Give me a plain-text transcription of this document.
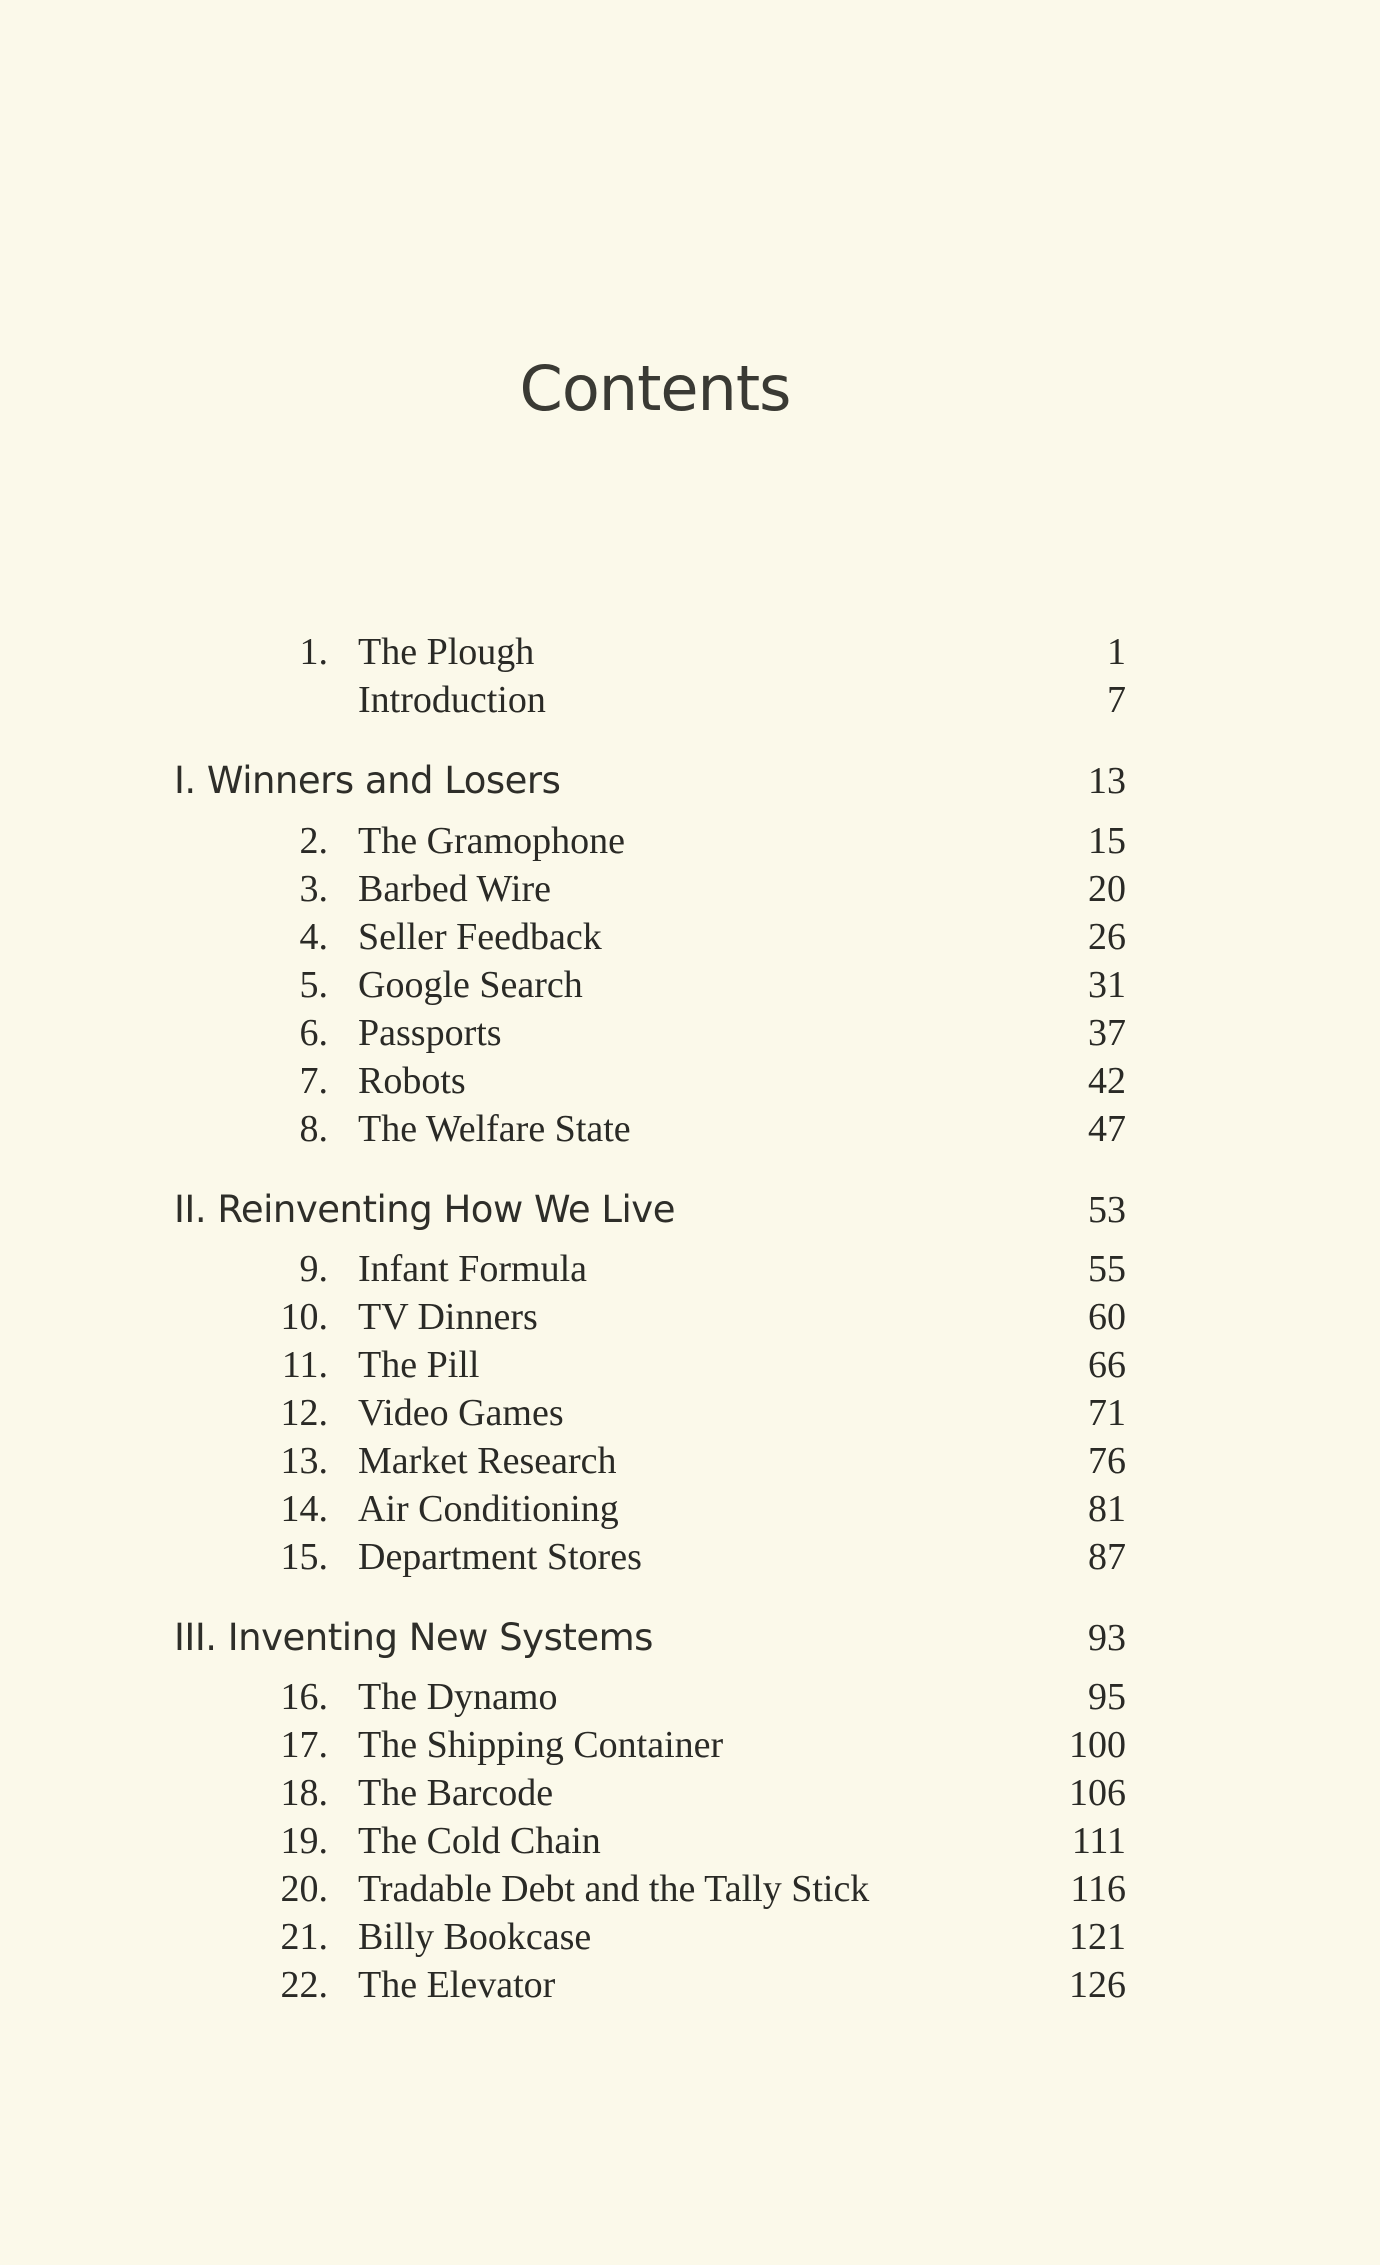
Contents
1. The Plough	1
Introduction	7
I. Winners and Losers	13
2. The Gramophone	15
3. Barbed Wire	20
4. Seller Feedback	26
5. Google Search	31
6. Passports	37
7. Robots	42
8. The Welfare State	47
II. Reinventing How We Live	53
9. Infant Formula	55
10. TV Dinners	60
11. The Pill	66
12. Video Games	71
13. Market Research	76
14. Air Conditioning	81
15. Department Stores	87
III. Inventing New Systems	93
16. The Dynamo	95
17. The Shipping Container	100
18. The Barcode	106
19. The Cold Chain	111
20. Tradable Debt and the Tally Stick	116
21. Billy Bookcase	121
22. The Elevator	126
